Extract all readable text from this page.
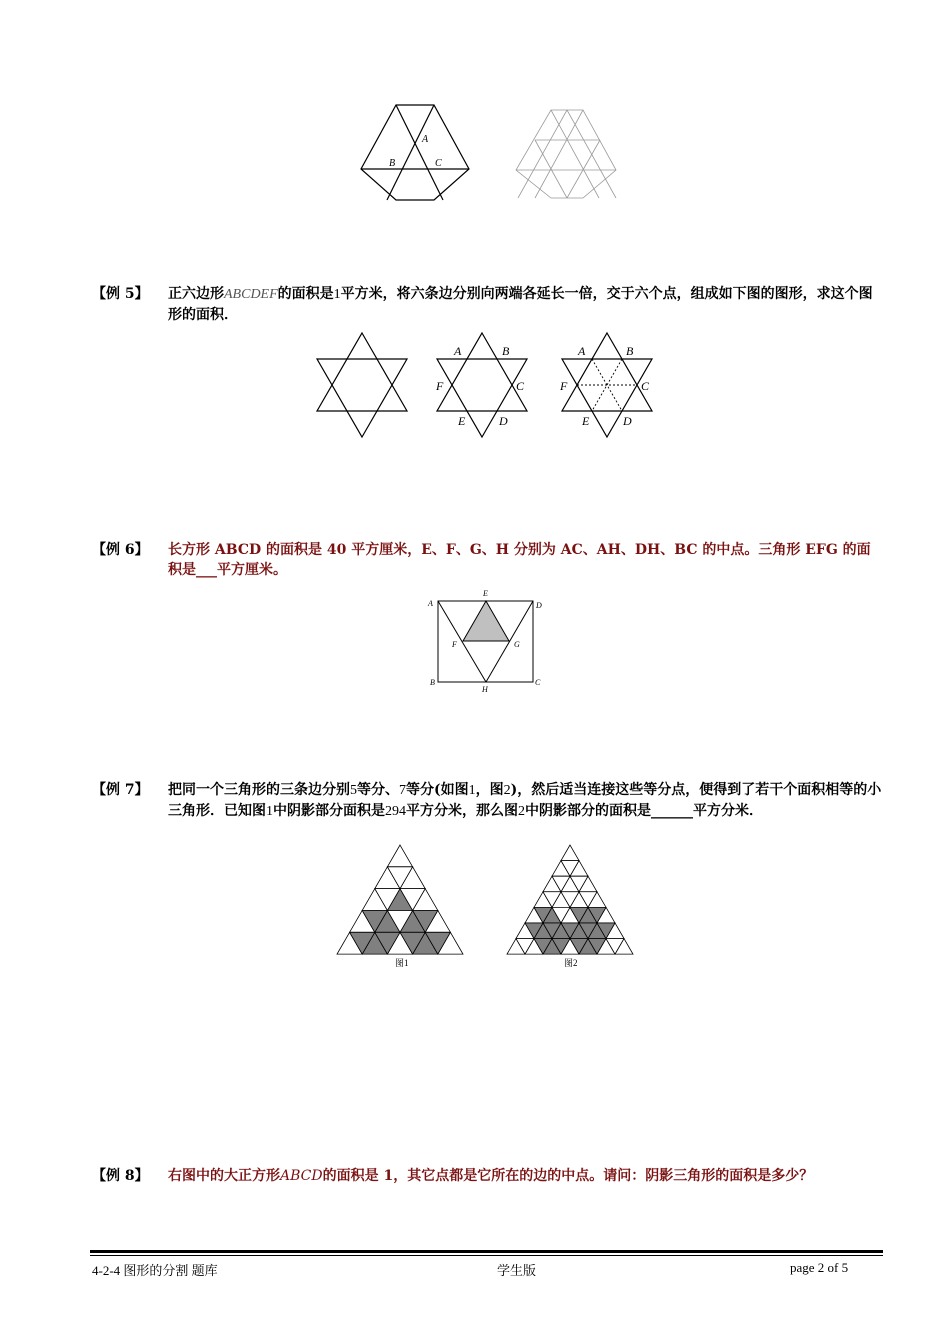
A
B	C
【例 5】 正六边形ABCDEF的面积是1平方米，将六条边分别向两端各延长一倍，交于六个点，组成如下图的图形，求这个图形的面积．
A	B
F	C
E	D
A	B
F	C
E	D
【例 6】 长方形 ABCD 的面积是 40 平方厘米，E、F、G、H 分别为 AC、AH、DH、BC 的中点。三角形 EFG 的面积是___平方厘米。
E
A	D
F	G
B	C
H
【例 7】 把同一个三角形的三条边分别5等分、7等分(如图1，图2)，然后适当连接这些等分点，便得到了若干个面积相等的小三角形．已知图1中阴影部分面积是294平方分米，那么图2中阴影部分的面积是______平方分米．
图1	图2
【例 8】 右图中的大正方形ABCD的面积是 1，其它点都是它所在的边的中点。请问：阴影三角形的面积是多少？
4-2-4 图形的分割 题库	学生版	page 2 of 5
